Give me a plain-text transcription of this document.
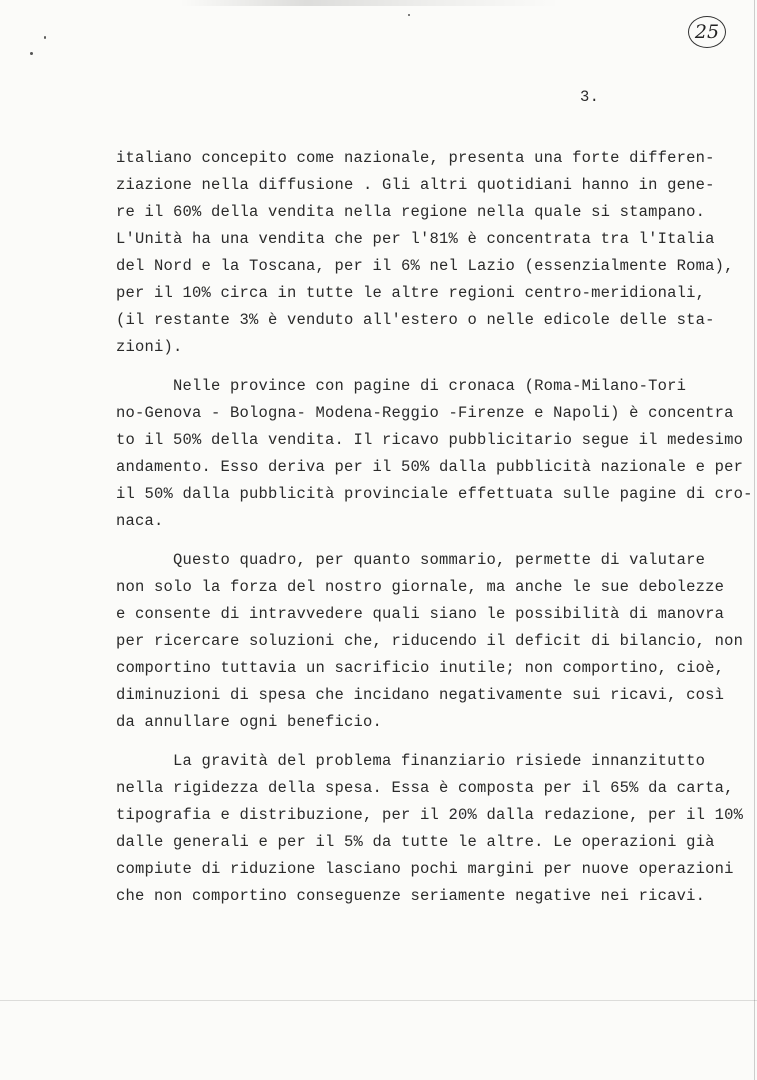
25
3.
italiano concepito come nazionale, presenta una forte differen-
ziazione nella diffusione . Gli altri quotidiani hanno in gene-
re il 60% della vendita nella regione nella quale si stampano.
L'Unità ha una vendita che per l'81% è concentrata tra l'Italia
del Nord e la Toscana, per il 6% nel Lazio (essenzialmente Roma),
per il 10% circa in tutte le altre regioni centro-meridionali,
(il restante 3% è venduto all'estero o nelle edicole delle sta-
zioni).
Nelle province con pagine di cronaca (Roma-Milano-Tori
no-Genova - Bologna- Modena-Reggio -Firenze e Napoli) è concentra
to il 50% della vendita. Il ricavo pubblicitario segue il medesimo
andamento. Esso deriva per il 50% dalla pubblicità nazionale e per
il 50% dalla pubblicità provinciale effettuata sulle pagine di cro-
naca.
Questo quadro, per quanto sommario, permette di valutare
non solo la forza del nostro giornale, ma anche le sue debolezze
e consente di intravvedere quali siano le possibilità di manovra
per ricercare soluzioni che, riducendo il deficit di bilancio, non
comportino tuttavia un sacrificio inutile; non comportino, cioè,
diminuzioni di spesa che incidano negativamente sui ricavi, così
da annullare ogni beneficio.
La gravità del problema finanziario risiede innanzitutto
nella rigidezza della spesa. Essa è composta per il 65% da carta,
tipografia e distribuzione, per il 20% dalla redazione, per il 10%
dalle generali e per il 5% da tutte le altre. Le operazioni già
compiute di riduzione lasciano pochi margini per nuove operazioni
che non comportino conseguenze seriamente negative nei ricavi.
